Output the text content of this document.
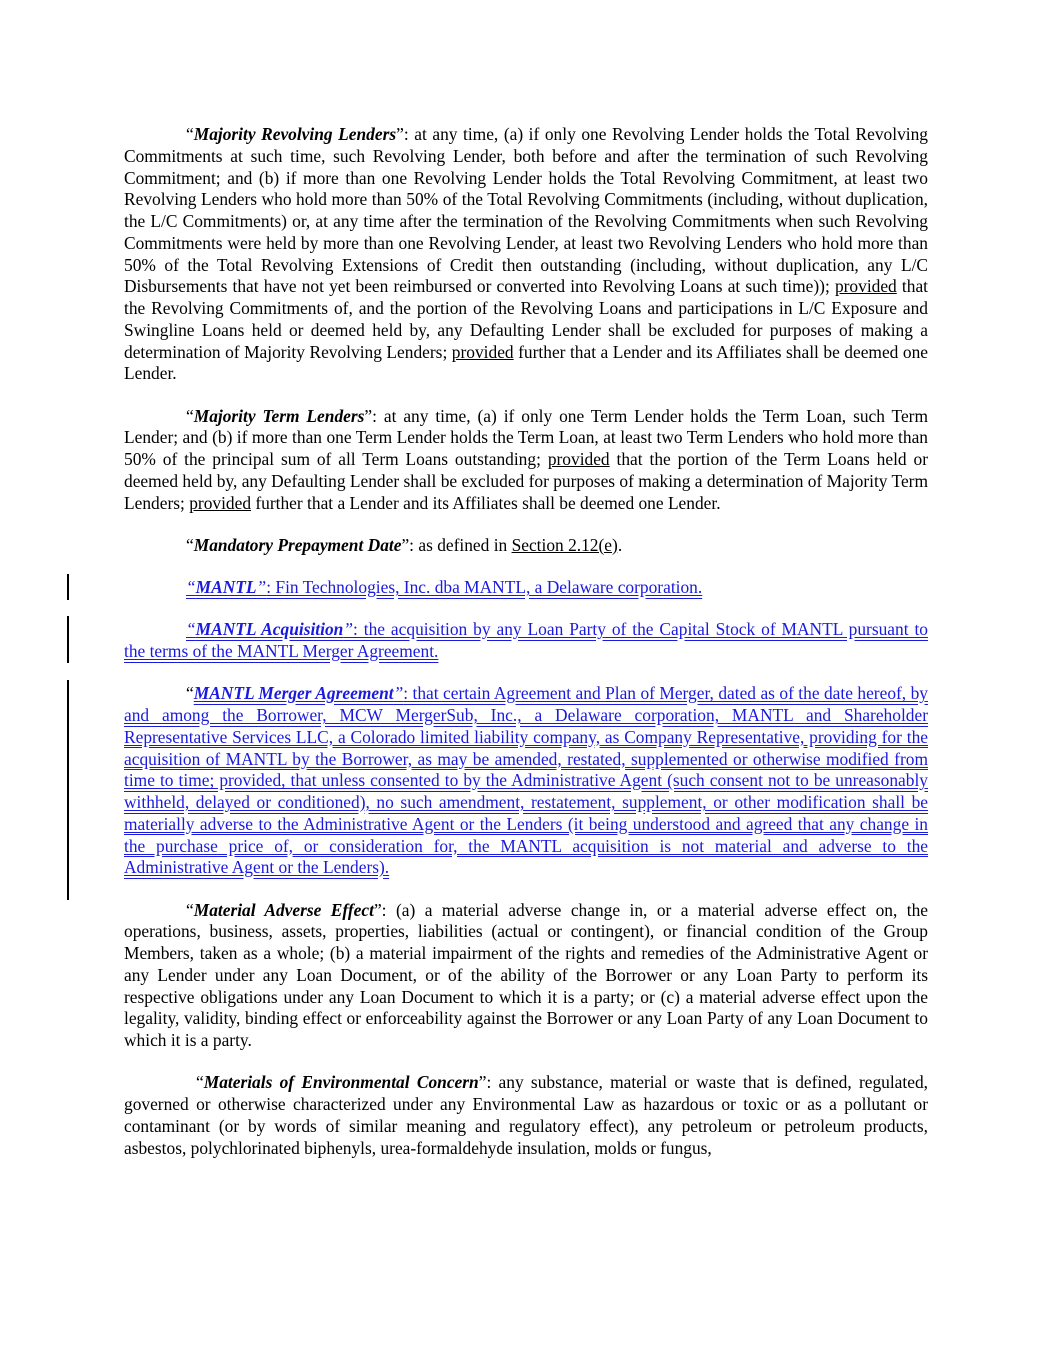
“Majority Revolving Lenders”: at any time, (a) if only one Revolving Lender holds the Total Revolving Commitments at such time, such Revolving Lender, both before and after the termination of such Revolving Commitment; and (b) if more than one Revolving Lender holds the Total Revolving Commitment, at least two Revolving Lenders who hold more than 50% of the Total Revolving Commitments (including, without duplication, the L/C Commitments) or, at any time after the termination of the Revolving Commitments when such Revolving Commitments were held by more than one Revolving Lender, at least two Revolving Lenders who hold more than 50% of the Total Revolving Extensions of Credit then outstanding (including, without duplication, any L/C Disbursements that have not yet been reimbursed or converted into Revolving Loans at such time)); provided that the Revolving Commitments of, and the portion of the Revolving Loans and participations in L/C Exposure and Swingline Loans held or deemed held by, any Defaulting Lender shall be excluded for purposes of making a determination of Majority Revolving Lenders; provided further that a Lender and its Affiliates shall be deemed one Lender.

“Majority Term Lenders”: at any time, (a) if only one Term Lender holds the Term Loan, such Term Lender; and (b) if more than one Term Lender holds the Term Loan, at least two Term Lenders who hold more than 50% of the principal sum of all Term Loans outstanding; provided that the portion of the Term Loans held or deemed held by, any Defaulting Lender shall be excluded for purposes of making a determination of Majority Term Lenders; provided further that a Lender and its Affiliates shall be deemed one Lender.

“Mandatory Prepayment Date”: as defined in Section 2.12(e).

“MANTL”: Fin Technologies, Inc. dba MANTL, a Delaware corporation.

“MANTL Acquisition”: the acquisition by any Loan Party of the Capital Stock of MANTL pursuant to the terms of the MANTL Merger Agreement.

“MANTL Merger Agreement”: that certain Agreement and Plan of Merger, dated as of the date hereof, by and among the Borrower, MCW MergerSub, Inc., a Delaware corporation, MANTL and Shareholder Representative Services LLC, a Colorado limited liability company, as Company Representative, providing for the acquisition of MANTL by the Borrower, as may be amended, restated, supplemented or otherwise modified from time to time; provided, that unless consented to by the Administrative Agent (such consent not to be unreasonably withheld, delayed or conditioned), no such amendment, restatement, supplement, or other modification shall be materially adverse to the Administrative Agent or the Lenders (it being understood and agreed that any change in the purchase price of, or consideration for, the MANTL acquisition is not material and adverse to the Administrative Agent or the Lenders).

“Material Adverse Effect”: (a) a material adverse change in, or a material adverse effect on, the operations, business, assets, properties, liabilities (actual or contingent), or financial condition of the Group Members, taken as a whole; (b) a material impairment of the rights and remedies of the Administrative Agent or any Lender under any Loan Document, or of the ability of the Borrower or any Loan Party to perform its respective obligations under any Loan Document to which it is a party; or (c) a material adverse effect upon the legality, validity, binding effect or enforceability against the Borrower or any Loan Party of any Loan Document to which it is a party.

“Materials of Environmental Concern”: any substance, material or waste that is defined, regulated, governed or otherwise characterized under any Environmental Law as hazardous or toxic or as a pollutant or contaminant (or by words of similar meaning and regulatory effect), any petroleum or petroleum products, asbestos, polychlorinated biphenyls, urea-formaldehyde insulation, molds or fungus,
